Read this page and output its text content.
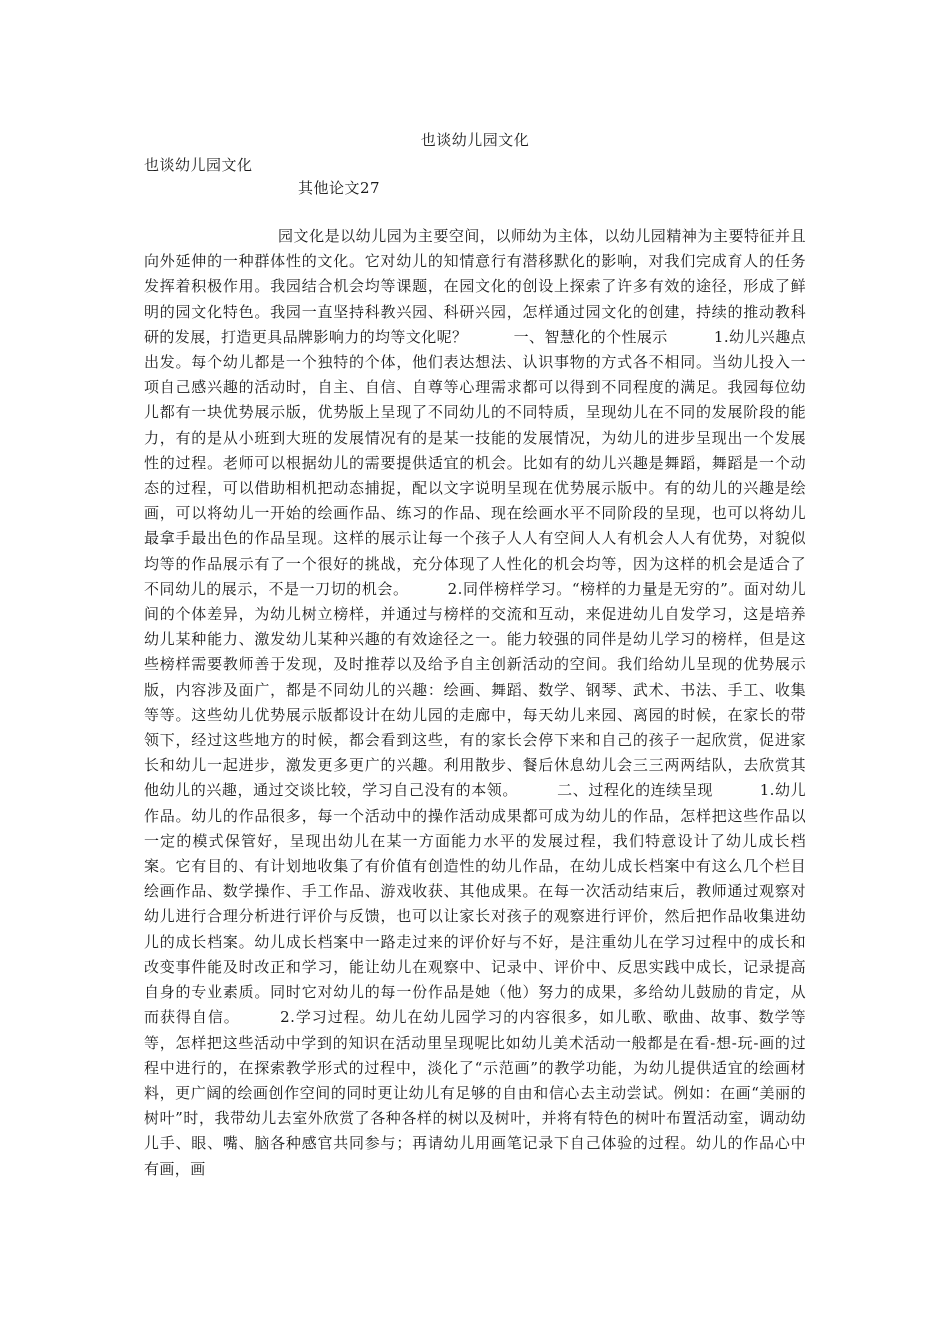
也谈幼儿园文化

也谈幼儿园文化

其他论文27

园文化是以幼儿园为主要空间，以师幼为主体，以幼儿园精神为主要特征并且向外延伸的一种群体性的文化。它对幼儿的知情意行有潜移默化的影响，对我们完成育人的任务发挥着积极作用。我园结合机会均等课题，在园文化的创设上探索了许多有效的途径，形成了鲜明的园文化特色。我园一直坚持科教兴园、科研兴园，怎样通过园文化的创建，持续的推动教科研的发展，打造更具品牌影响力的均等文化呢？　　　一、智慧化的个性展示　　　1.幼儿兴趣点出发。每个幼儿都是一个独特的个体，他们表达想法、认识事物的方式各不相同。当幼儿投入一项自己感兴趣的活动时，自主、自信、自尊等心理需求都可以得到不同程度的满足。我园每位幼儿都有一块优势展示版，优势版上呈现了不同幼儿的不同特质，呈现幼儿在不同的发展阶段的能力，有的是从小班到大班的发展情况有的是某一技能的发展情况，为幼儿的进步呈现出一个发展性的过程。老师可以根据幼儿的需要提供适宜的机会。比如有的幼儿兴趣是舞蹈，舞蹈是一个动态的过程，可以借助相机把动态捕捉，配以文字说明呈现在优势展示版中。有的幼儿的兴趣是绘画，可以将幼儿一开始的绘画作品、练习的作品、现在绘画水平不同阶段的呈现，也可以将幼儿最拿手最出色的作品呈现。这样的展示让每一个孩子人人有空间人人有机会人人有优势，对貌似均等的作品展示有了一个很好的挑战，充分体现了人性化的机会均等，因为这样的机会是适合了不同幼儿的展示，不是一刀切的机会。　　　2.同伴榜样学习。“榜样的力量是无穷的”。面对幼儿间的个体差异，为幼儿树立榜样，并通过与榜样的交流和互动，来促进幼儿自发学习，这是培养幼儿某种能力、激发幼儿某种兴趣的有效途径之一。能力较强的同伴是幼儿学习的榜样，但是这些榜样需要教师善于发现，及时推荐以及给予自主创新活动的空间。我们给幼儿呈现的优势展示版，内容涉及面广，都是不同幼儿的兴趣：绘画、舞蹈、数学、钢琴、武术、书法、手工、收集等等。这些幼儿优势展示版都设计在幼儿园的走廊中，每天幼儿来园、离园的时候，在家长的带领下，经过这些地方的时候，都会看到这些，有的家长会停下来和自己的孩子一起欣赏，促进家长和幼儿一起进步，激发更多更广的兴趣。利用散步、餐后休息幼儿会三三两两结队，去欣赏其他幼儿的兴趣，通过交谈比较，学习自己没有的本领。　　　二、过程化的连续呈现　　　1.幼儿作品。幼儿的作品很多，每一个活动中的操作活动成果都可成为幼儿的作品，怎样把这些作品以一定的模式保管好，呈现出幼儿在某一方面能力水平的发展过程，我们特意设计了幼儿成长档案。它有目的、有计划地收集了有价值有创造性的幼儿作品，在幼儿成长档案中有这么几个栏目绘画作品、数学操作、手工作品、游戏收获、其他成果。在每一次活动结束后，教师通过观察对幼儿进行合理分析进行评价与反馈，也可以让家长对孩子的观察进行评价，然后把作品收集进幼儿的成长档案。幼儿成长档案中一路走过来的评价好与不好，是注重幼儿在学习过程中的成长和改变事件能及时改正和学习，能让幼儿在观察中、记录中、评价中、反思实践中成长，记录提高自身的专业素质。同时它对幼儿的每一份作品是她（他）努力的成果，多给幼儿鼓励的肯定，从而获得自信。　　　2.学习过程。幼儿在幼儿园学习的内容很多，如儿歌、歌曲、故事、数学等等，怎样把这些活动中学到的知识在活动里呈现呢比如幼儿美术活动一般都是在看-想-玩-画的过程中进行的，在探索教学形式的过程中，淡化了“示范画”的教学功能，为幼儿提供适宜的绘画材料，更广阔的绘画创作空间的同时更让幼儿有足够的自由和信心去主动尝试。例如：在画“美丽的树叶”时，我带幼儿去室外欣赏了各种各样的树以及树叶，并将有特色的树叶布置活动室，调动幼儿手、眼、嘴、脑各种感官共同参与；再请幼儿用画笔记录下自己体验的过程。幼儿的作品心中有画，画
